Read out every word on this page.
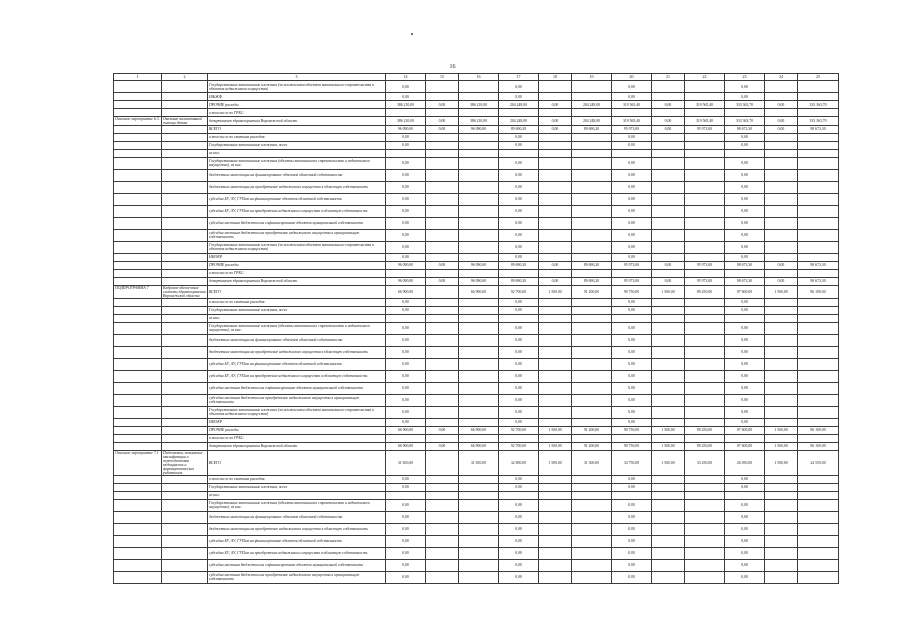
16
1	2	3	14	15	16	17	18	19	20	21	22	23	24	25
		Государственные капитальные вложения (за исключением объектов капитального строительства и объектов недвижимого имущества)	0,00			0,00			0,00			0,00		
		ИЖЖФ	0,00			0,00			0,00			0,00		
		ПРОЧИЕ расходы	386 210,00	0,00	386 210,00	204 248,00	0,00	204 248,00	319 565,40	0,00	319 565,40	333 363,70	0,00	333 363,70
		в том числе по ГРБС:												
Основное мероприятие 6.3.	Оказание паллиативной помощи детям	департамент здравоохранения Воронежской области	386 210,00	0,00	386 210,00	204 248,00	0,00	204 248,00	319 565,40	0,00	319 565,40	333 363,70	0,00	333 363,70
		ВСЕГО	96 090,00	0,00	96 090,00	89 690,20	0,00	89 690,20	95 973,00	0,00	95 973,00	98 673,30	0,00	98 673,30
		в том числе по статьям расходов:	0,00			0,00			0,00			0,00		
		Государственные капитальные вложения, всего	0,00			0,00			0,00			0,00		
		из них:												
		Государственные капитальные вложения (объекты капитального строительства и недвижимого имущества), из них:	0,00			0,00			0,00			0,00		
		бюджетные инвестиции на финансирование объектов областной собственности	0,00			0,00			0,00			0,00		
		бюджетные инвестиции на приобретение недвижимого имущества в областную собственность	0,00			0,00			0,00			0,00		
		субсидии БУ, АУ, ГУПам на финансирование объектов областной собственности	0,00			0,00			0,00			0,00		
		субсидии БУ, АУ, ГУПам на приобретение недвижимого имущества в областную собственность	0,00			0,00			0,00			0,00		
		субсидии местным бюджетам на софинансирование объектов муниципальной собственности	0,00			0,00			0,00			0,00		
		субсидии местным бюджетам на приобретение недвижимого имущества в муниципальную собственность	0,00			0,00			0,00			0,00		
		Государственные капитальные вложения (за исключением объектов капитального строительства и объектов недвижимого имущества)	0,00			0,00			0,00			0,00		
		НИОКР	0,00			0,00			0,00			0,00		
		ПРОЧИЕ расходы	96 090,00	0,00	96 090,00	89 690,20	0,00	89 690,20	95 973,00	0,00	95 973,00	98 673,30	0,00	98 673,30
		в том числе по ГРБС:												
		департамент здравоохранения Воронежской области	96 090,00	0,00	96 090,00	89 690,20	0,00	89 690,20	95 973,00	0,00	95 973,00	98 673,30	0,00	98 673,30
ПОДПРОГРАММА 7	Кадровое обеспечение системы здравоохранения Воронежской области	ВСЕГО	66 900,00		66 900,00	92 700,00	1 500,00	91 200,00	90 750,00	1 500,00	89 250,00	87 600,00	1 500,00	86 100,00
		в том числе по статьям расходов:	0,00			0,00			0,00			0,00		
		Государственные капитальные вложения, всего	0,00			0,00			0,00			0,00		
		из них:												
		Государственные капитальные вложения (объекты капитального строительства и недвижимого имущества), из них:	0,00			0,00			0,00			0,00		
		бюджетные инвестиции на финансирование объектов областной собственности	0,00			0,00			0,00			0,00		
		бюджетные инвестиции на приобретение недвижимого имущества в областную собственность	0,00			0,00			0,00			0,00		
		субсидии БУ, АУ, ГУПам на финансирование объектов областной собственности	0,00			0,00			0,00			0,00		
		субсидии БУ, АУ, ГУПам на приобретение недвижимого имущества в областную собственность	0,00			0,00			0,00			0,00		
		субсидии местным бюджетам на софинансирование объектов муниципальной собственности	0,00			0,00			0,00			0,00		
		субсидии местным бюджетам на приобретение недвижимого имущества в муниципальную собственность	0,00			0,00			0,00			0,00		
		Государственные капитальные вложения (за исключением объектов капитального строительства и объектов недвижимого имущества)	0,00			0,00			0,00			0,00		
		НИОКР	0,00			0,00			0,00			0,00		
		ПРОЧИЕ расходы	66 900,00	0,00	66 900,00	92 700,00	1 500,00	91 200,00	90 750,00	1 500,00	89 250,00	87 600,00	1 500,00	86 100,00
		в том числе по ГРБС:												
		департамент здравоохранения Воронежской области	66 900,00	0,00	66 900,00	92 700,00	1 500,00	91 200,00	90 750,00	1 500,00	89 250,00	87 600,00	1 500,00	86 100,00
Основное мероприятие 7.1	Подготовка, повышение квалификации и переподготовка медицинских и фармацевтических работников	ВСЕГО	31 650,00		31 650,00	32 800,00	1 500,00	31 300,00	34 750,00	1 500,00	33 250,00	26 050,00	1 500,00	24 550,00
		в том числе по статьям расходов:	0,00			0,00			0,00			0,00		
		Государственные капитальные вложения, всего	0,00			0,00			0,00			0,00		
		из них:												
		Государственные капитальные вложения (объекты капитального строительства и недвижимого имущества), из них:	0,00			0,00			0,00			0,00		
		бюджетные инвестиции на финансирование объектов областной собственности	0,00			0,00			0,00			0,00		
		бюджетные инвестиции на приобретение недвижимого имущества в областную собственность	0,00			0,00			0,00			0,00		
		субсидии БУ, АУ, ГУПам на финансирование объектов областной собственности	0,00			0,00			0,00			0,00		
		субсидии БУ, АУ, ГУПам на приобретение недвижимого имущества в областную собственность	0,00			0,00			0,00			0,00		
		субсидии местным бюджетам на софинансирование объектов муниципальной собственности	0,00			0,00			0,00			0,00		
		субсидии местным бюджетам на приобретение недвижимого имущества в муниципальную собственность	0,00			0,00			0,00			0,00		
